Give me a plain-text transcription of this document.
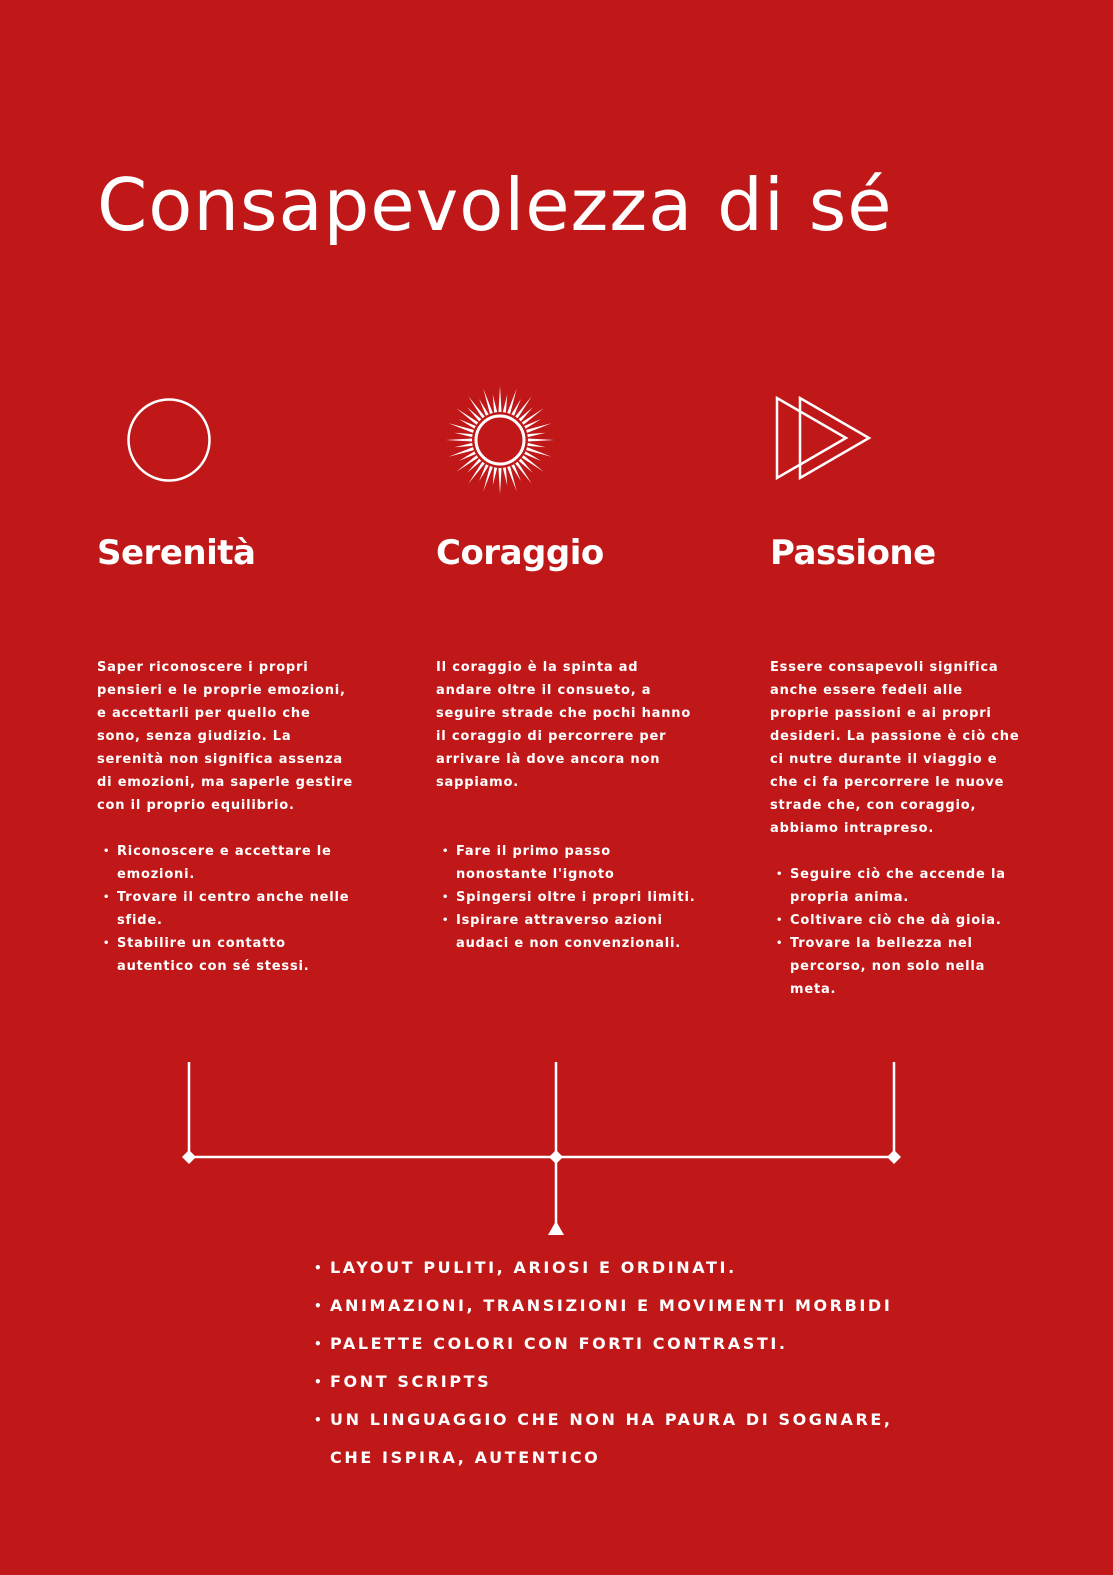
Consapevolezza di sé
Serenità

Saper riconoscere i propri pensieri e le proprie emozioni, e accettarli per quello che sono, senza giudizio. La serenità non significa assenza di emozioni, ma saperle gestire con il proprio equilibrio.

• Riconoscere e accettare le emozioni.
• Trovare il centro anche nelle sfide.
• Stabilire un contatto autentico con sé stessi.
Coraggio

Il coraggio è la spinta ad andare oltre il consueto, a seguire strade che pochi hanno il coraggio di percorrere per arrivare là dove ancora non sappiamo.

• Fare il primo passo nonostante l'ignoto
• Spingersi oltre i propri limiti.
• Ispirare attraverso azioni audaci e non convenzionali.
Passione

Essere consapevoli significa anche essere fedeli alle proprie passioni e ai propri desideri. La passione è ciò che ci nutre durante il viaggio e che ci fa percorrere le nuove strade che, con coraggio, abbiamo intrapreso.

• Seguire ciò che accende la propria anima.
• Coltivare ciò che dà gioia.
• Trovare la bellezza nel percorso, non solo nella meta.
• LAYOUT PULITI, ARIOSI E ORDINATI.
• ANIMAZIONI, TRANSIZIONI E MOVIMENTI MORBIDI
• PALETTE COLORI CON FORTI CONTRASTI.
• FONT SCRIPTS
• UN LINGUAGGIO CHE NON HA PAURA DI SOGNARE, CHE ISPIRA, AUTENTICO
